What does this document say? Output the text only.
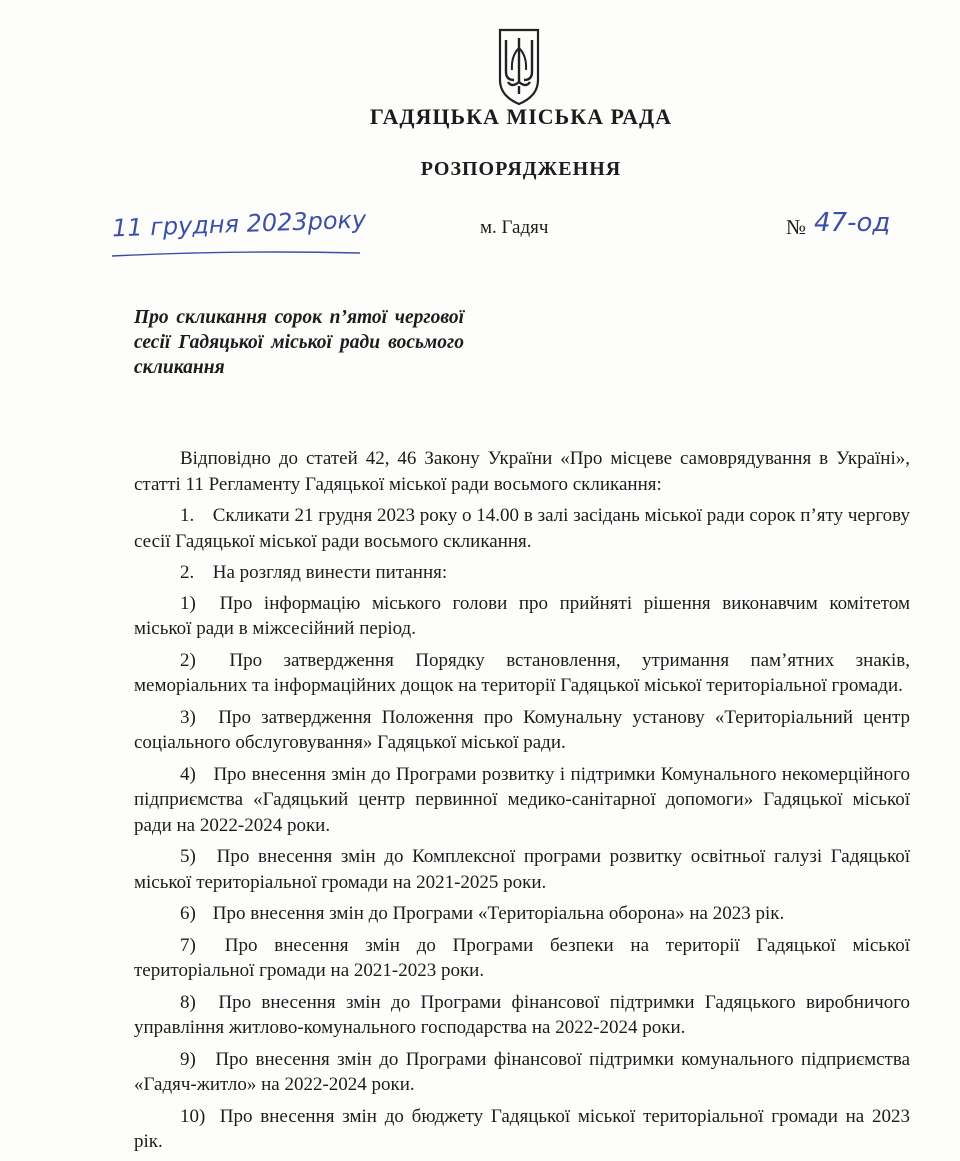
ГАДЯЦЬКА МІСЬКА РАДА
РОЗПОРЯДЖЕННЯ
11 грудня 2023року	м. Гадяч	№ 47-од
Про скликання сорок п’ятої чергової сесії Гадяцької міської ради восьмого скликання

Відповідно до статей 42, 46 Закону України «Про місцеве самоврядування в Україні», статті 11 Регламенту Гадяцької міської ради восьмого скликання:

1. Скликати 21 грудня 2023 року о 14.00 в залі засідань міської ради сорок п’яту чергову сесії Гадяцької міської ради восьмого скликання.

2. На розгляд винести питання:

1) Про інформацію міського голови про прийняті рішення виконавчим комітетом міської ради в міжсесійний період.

2) Про затвердження Порядку встановлення, утримання пам’ятних знаків, меморіальних та інформаційних дощок на території Гадяцької міської територіальної громади.

3) Про затвердження Положення про Комунальну установу «Територіальний центр соціального обслуговування» Гадяцької міської ради.

4) Про внесення змін до Програми розвитку і підтримки Комунального некомерційного підприємства «Гадяцький центр первинної медико-санітарної допомоги» Гадяцької міської ради на 2022-2024 роки.

5) Про внесення змін до Комплексної програми розвитку освітньої галузі Гадяцької міської територіальної громади на 2021-2025 роки.

6) Про внесення змін до Програми «Територіальна оборона» на 2023 рік.

7) Про внесення змін до Програми безпеки на території Гадяцької міської територіальної громади на 2021-2023 роки.

8) Про внесення змін до Програми фінансової підтримки Гадяцького виробничого управління житлово-комунального господарства на 2022-2024 роки.

9) Про внесення змін до Програми фінансової підтримки комунального підприємства «Гадяч-житло» на 2022-2024 роки.

10) Про внесення змін до бюджету Гадяцької міської територіальної громади на 2023 рік.
